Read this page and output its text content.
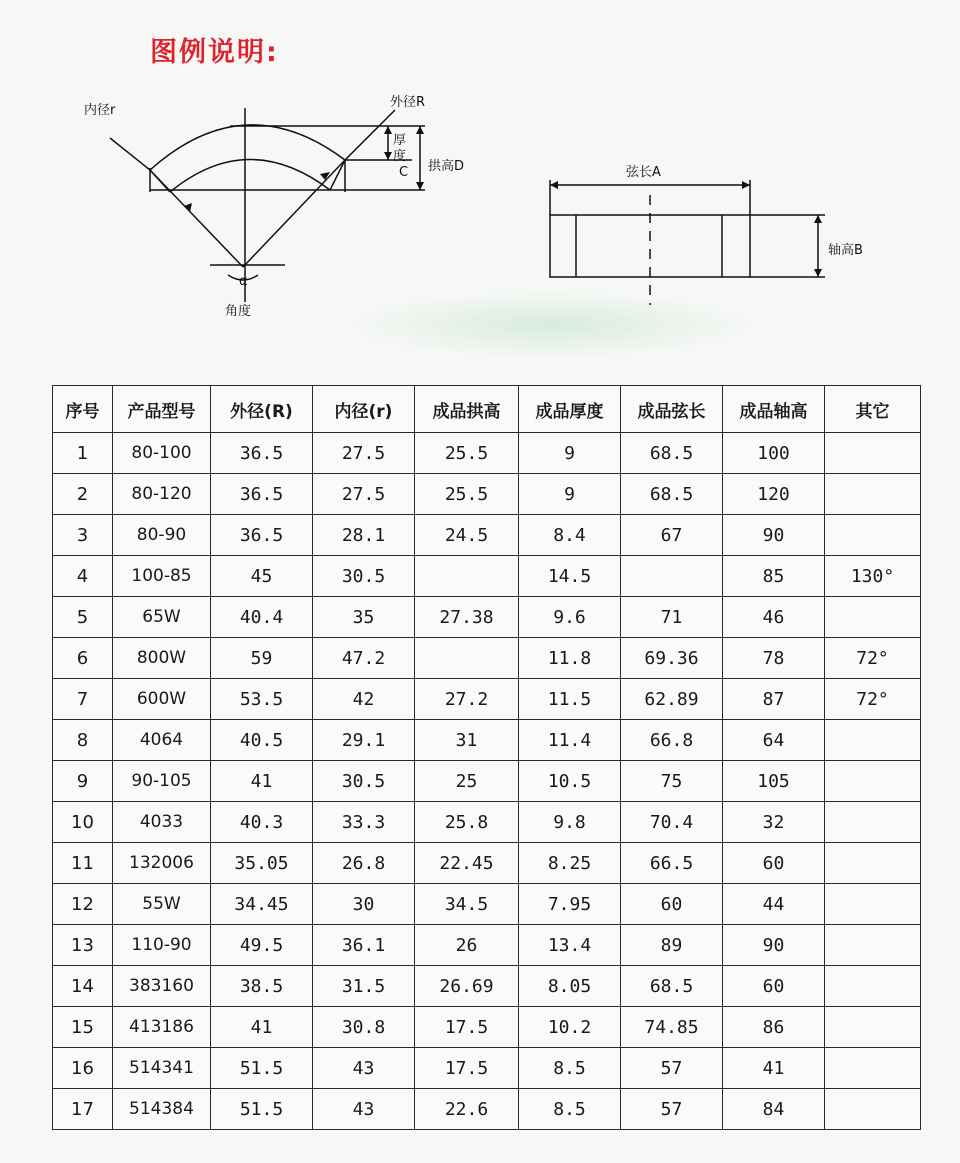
图例说明:
内径r
外径R
厚
度
C 拱高D
α
角度
弦长A
轴高B
序号	产品型号	外径(R)	内径(r)	成品拱高	成品厚度	成品弦长	成品轴高	其它
1	80-100	36.5	27.5	25.5	9	68.5	100	
2	80-120	36.5	27.5	25.5	9	68.5	120	
3	80-90	36.5	28.1	24.5	8.4	67	90	
4	100-85	45	30.5		14.5		85	130°
5	65W	40.4	35	27.38	9.6	71	46	
6	800W	59	47.2		11.8	69.36	78	72°
7	600W	53.5	42	27.2	11.5	62.89	87	72°
8	4064	40.5	29.1	31	11.4	66.8	64	
9	90-105	41	30.5	25	10.5	75	105	
10	4033	40.3	33.3	25.8	9.8	70.4	32	
11	132006	35.05	26.8	22.45	8.25	66.5	60	
12	55W	34.45	30	34.5	7.95	60	44	
13	110-90	49.5	36.1	26	13.4	89	90	
14	383160	38.5	31.5	26.69	8.05	68.5	60	
15	413186	41	30.8	17.5	10.2	74.85	86	
16	514341	51.5	43	17.5	8.5	57	41	
17	514384	51.5	43	22.6	8.5	57	84	
